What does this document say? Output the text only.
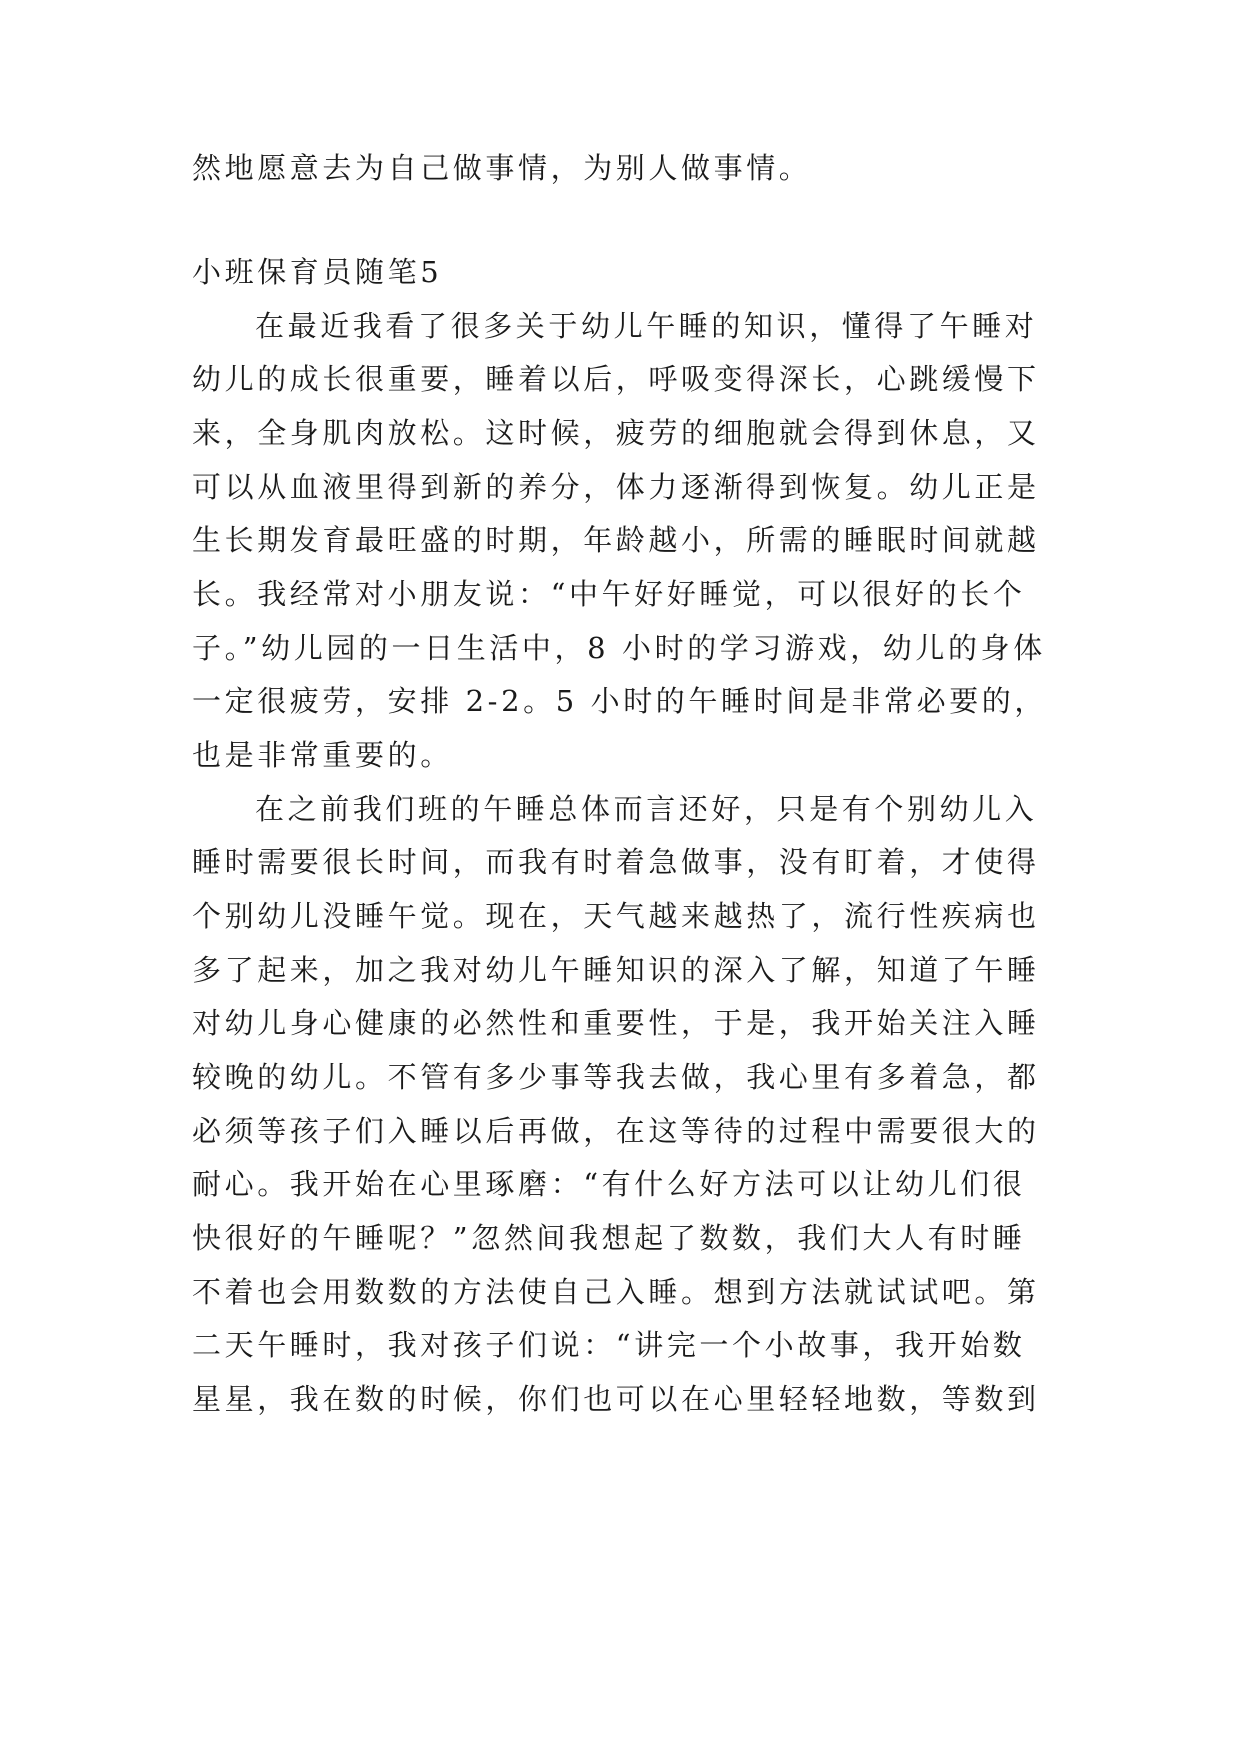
然地愿意去为自己做事情，为别人做事情。
小班保育员随笔5
在最近我看了很多关于幼儿午睡的知识，懂得了午睡对
幼儿的成长很重要，睡着以后，呼吸变得深长，心跳缓慢下
来，全身肌肉放松。这时候，疲劳的细胞就会得到休息，又
可以从血液里得到新的养分，体力逐渐得到恢复。幼儿正是
生长期发育最旺盛的时期，年龄越小，所需的睡眠时间就越
长。我经常对小朋友说：“中午好好睡觉，可以很好的长个
子。”幼儿园的一日生活中，8 小时的学习游戏，幼儿的身体
一定很疲劳，安排 2-2。5 小时的午睡时间是非常必要的，
也是非常重要的。
在之前我们班的午睡总体而言还好，只是有个别幼儿入
睡时需要很长时间，而我有时着急做事，没有盯着，才使得
个别幼儿没睡午觉。现在，天气越来越热了，流行性疾病也
多了起来，加之我对幼儿午睡知识的深入了解，知道了午睡
对幼儿身心健康的必然性和重要性，于是，我开始关注入睡
较晚的幼儿。不管有多少事等我去做，我心里有多着急，都
必须等孩子们入睡以后再做，在这等待的过程中需要很大的
耐心。我开始在心里琢磨：“有什么好方法可以让幼儿们很
快很好的午睡呢？”忽然间我想起了数数，我们大人有时睡
不着也会用数数的方法使自己入睡。想到方法就试试吧。第
二天午睡时，我对孩子们说：“讲完一个小故事，我开始数
星星，我在数的时候，你们也可以在心里轻轻地数，等数到
